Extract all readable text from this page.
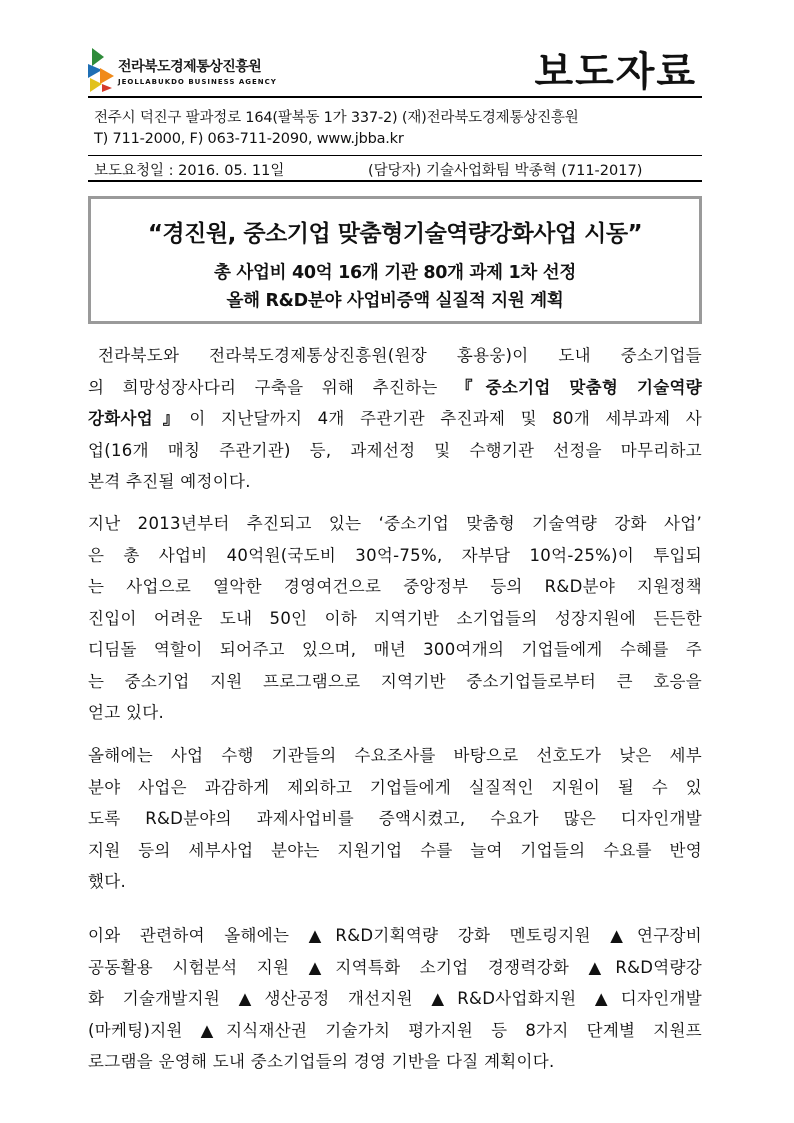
전라북도경제통상진흥원
JEOLLABUKDO BUSINESS AGENCY	보도자료
전주시 덕진구 팔과정로 164(팔복동 1가 337-2) (재)전라북도경제통상진흥원
T) 711-2000, F) 063-711-2090, www.jbba.kr
보도요청일 : 2016. 05. 11일	(담당자) 기술사업화팀 박종혁 (711-2017)
“경진원, 중소기업 맞춤형기술역량강화사업 시동”
총 사업비 40억 16개 기관 80개 과제 1차 선정
올해 R&D분야 사업비증액 실질적 지원 계획
전라북도와 전라북도경제통상진흥원(원장 홍용웅)이 도내 중소기업들
의 희망성장사다리 구축을 위해 추진하는 『중소기업 맞춤형 기술역량
강화사업』이 지난달까지 4개 주관기관 추진과제 및 80개 세부과제 사
업(16개 매칭 주관기관) 등, 과제선정 및 수행기관 선정을 마무리하고
본격 추진될 예정이다.
지난 2013년부터 추진되고 있는 ‘중소기업 맞춤형 기술역량 강화 사업’
은 총 사업비 40억원(국도비 30억-75%, 자부담 10억-25%)이 투입되
는 사업으로 열악한 경영여건으로 중앙정부 등의 R&D분야 지원정책
진입이 어려운 도내 50인 이하 지역기반 소기업들의 성장지원에 든든한
디딤돌 역할이 되어주고 있으며, 매년 300여개의 기업들에게 수혜를 주
는 중소기업 지원 프로그램으로 지역기반 중소기업들로부터 큰 호응을
얻고 있다.
올해에는 사업 수행 기관들의 수요조사를 바탕으로 선호도가 낮은 세부
분야 사업은 과감하게 제외하고 기업들에게 실질적인 지원이 될 수 있
도록 R&D분야의 과제사업비를 증액시켰고, 수요가 많은 디자인개발
지원 등의 세부사업 분야는 지원기업 수를 늘여 기업들의 수요를 반영
했다.
이와 관련하여 올해에는 ▲R&D기획역량 강화 멘토링지원 ▲연구장비
공동활용 시험분석 지원 ▲지역특화 소기업 경쟁력강화 ▲R&D역량강
화 기술개발지원 ▲생산공정 개선지원 ▲R&D사업화지원 ▲디자인개발
(마케팅)지원 ▲지식재산권 기술가치 평가지원 등 8가지 단계별 지원프
로그램을 운영해 도내 중소기업들의 경영 기반을 다질 계획이다.
